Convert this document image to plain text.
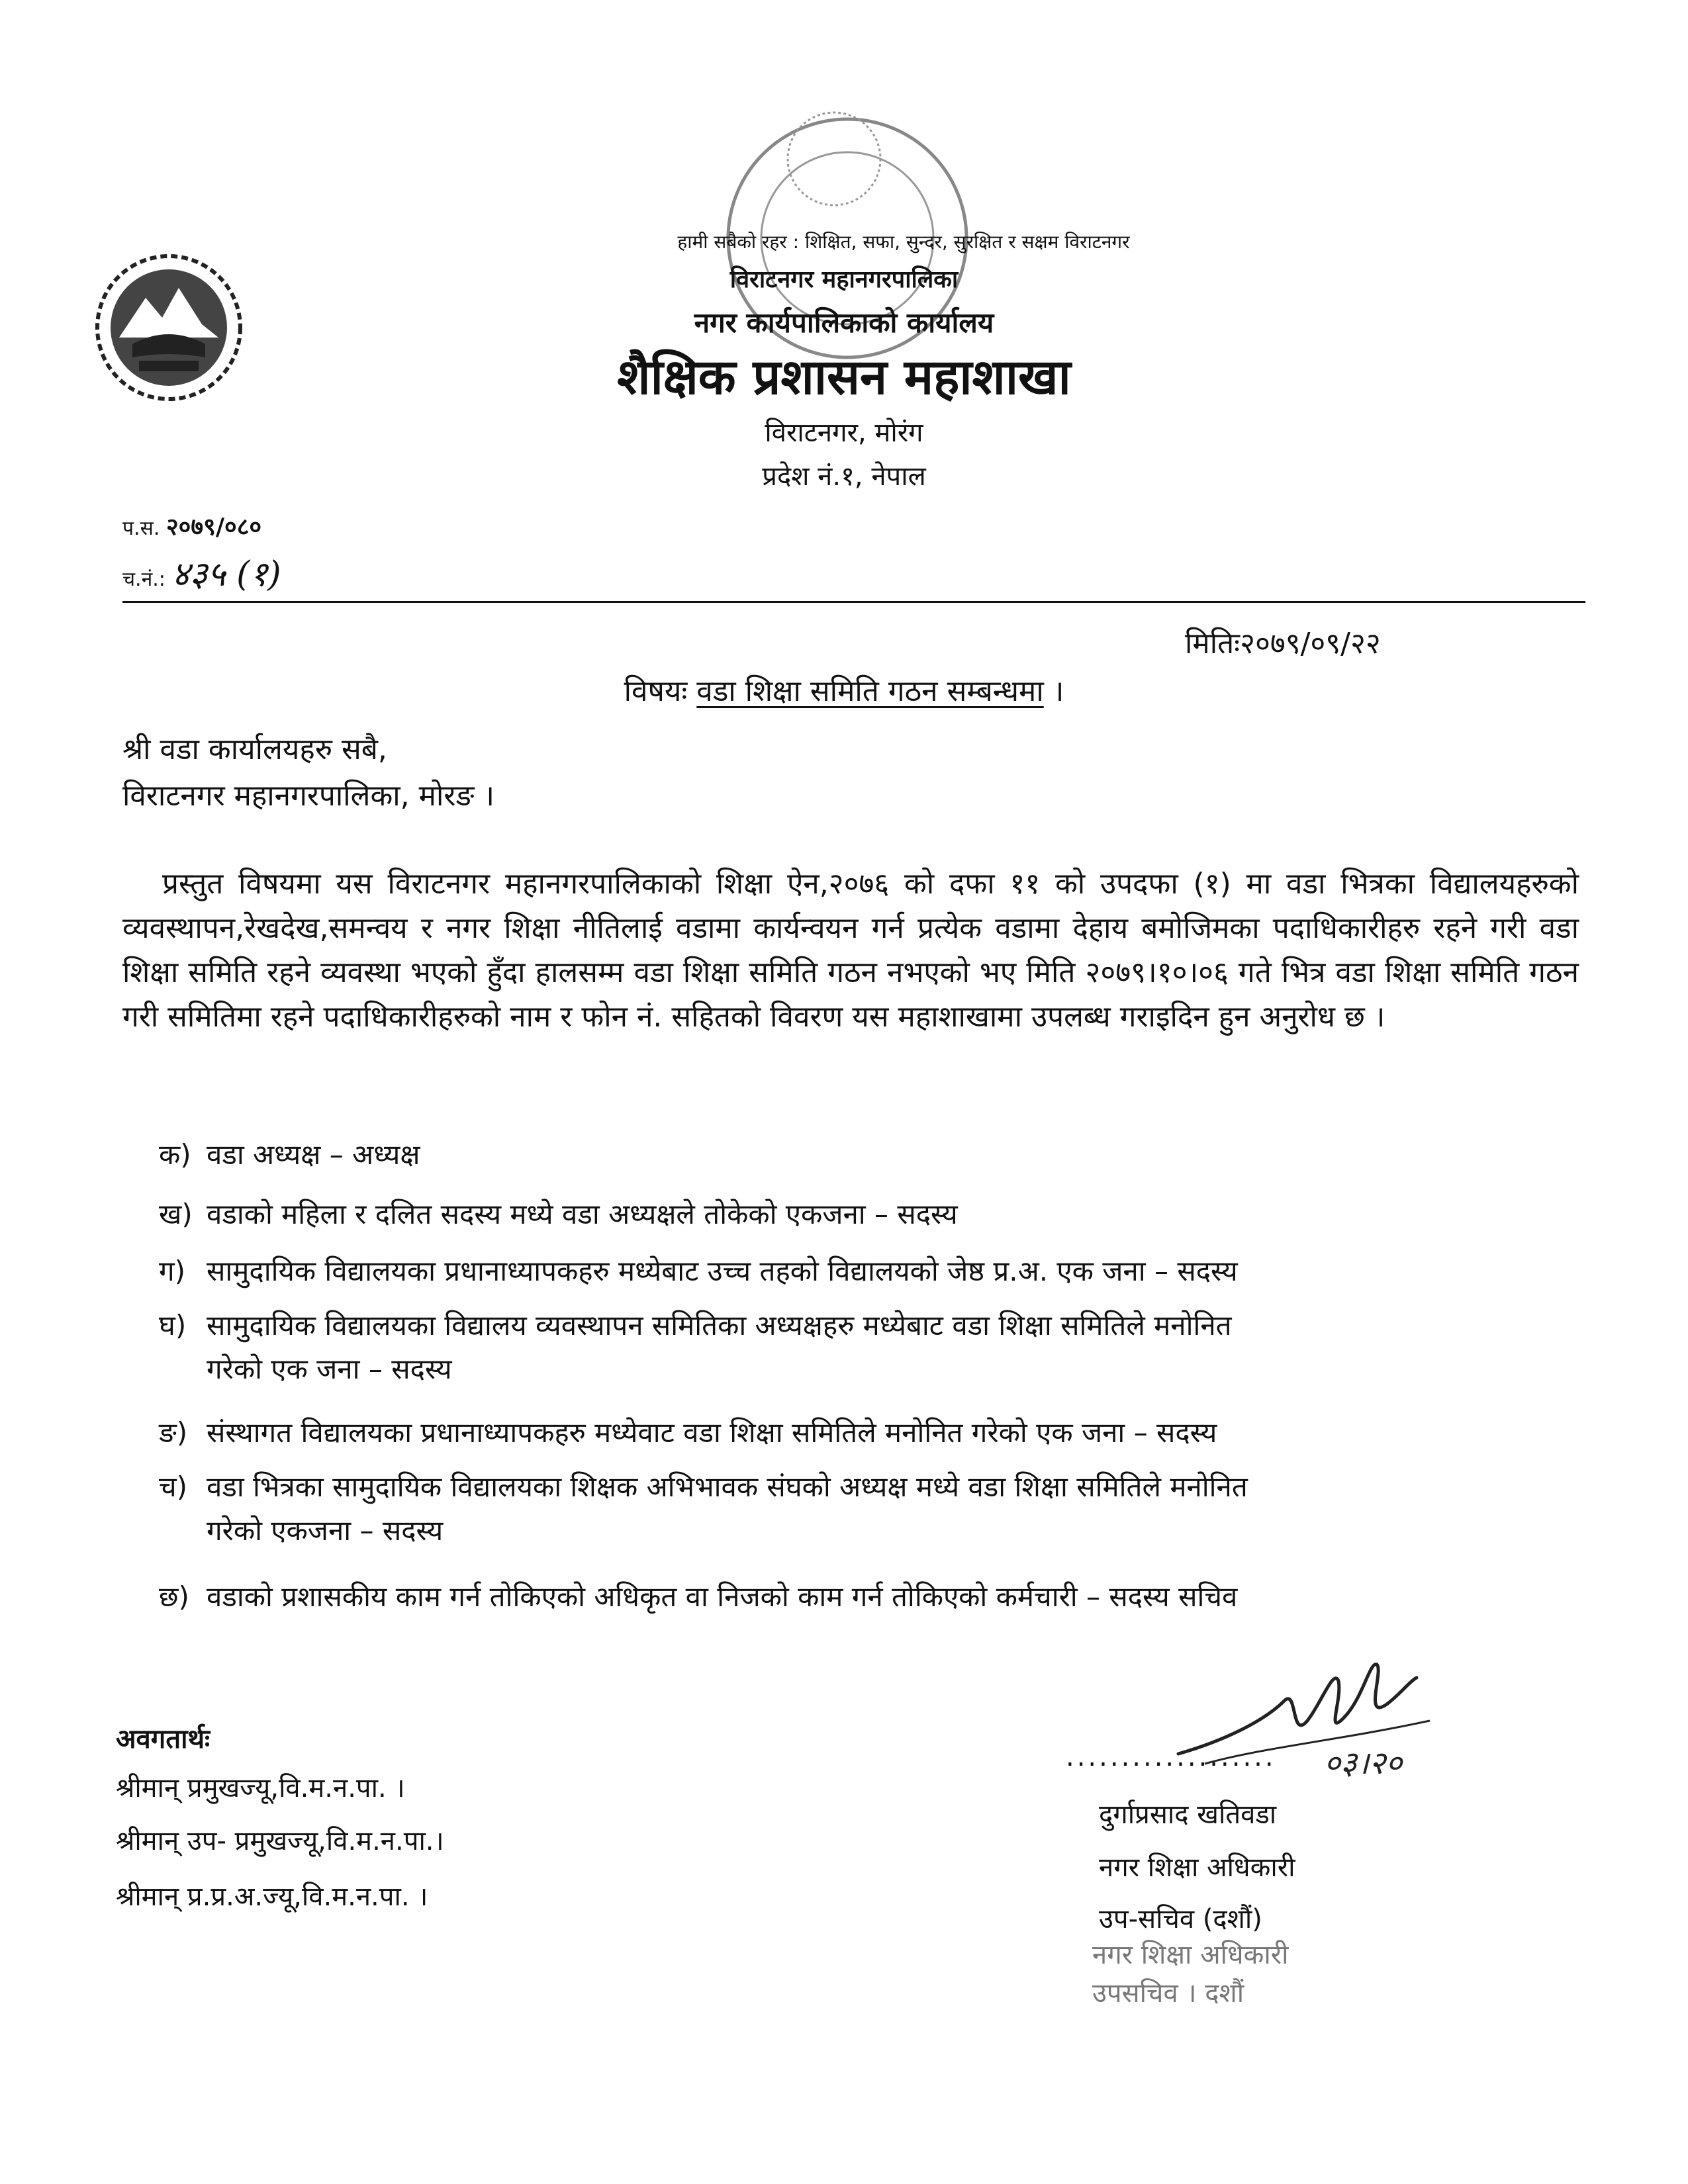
हामी सबैको रहर : शिक्षित, सफा, सुन्दर, सुरक्षित र सक्षम विराटनगर
विराटनगर महानगरपालिका
नगर कार्यपालिकाको कार्यालय
शैक्षिक प्रशासन महाशाखा
विराटनगर, मोरंग
प्रदेश नं.१, नेपाल
प.स. २०७९/०८०
च.नं.: ४३५ (१)
मितिः२०७९/०९/२२
विषयः वडा शिक्षा समिति गठन सम्बन्धमा ।
श्री वडा कार्यालयहरु सबै,
विराटनगर महानगरपालिका, मोरङ ।
प्रस्तुत विषयमा यस विराटनगर महानगरपालिकाको शिक्षा ऐन,२०७६ को दफा ११ को उपदफा (१) मा वडा भित्रका विद्यालयहरुको व्यवस्थापन,रेखदेख,समन्वय र नगर शिक्षा नीतिलाई वडामा कार्यन्वयन गर्न प्रत्येक वडामा देहाय बमोजिमका पदाधिकारीहरु रहने गरी वडा शिक्षा समिति रहने व्यवस्था भएको हुँदा हालसम्म वडा शिक्षा समिति गठन नभएको भए मिति २०७९।१०।०६ गते भित्र वडा शिक्षा समिति गठन गरी समितिमा रहने पदाधिकारीहरुको नाम र फोन नं. सहितको विवरण यस महाशाखामा उपलब्ध गराइदिन हुन अनुरोध छ ।
क) वडा अध्यक्ष – अध्यक्ष
ख) वडाको महिला र दलित सदस्य मध्ये वडा अध्यक्षले तोकेको एकजना – सदस्य
ग) सामुदायिक विद्यालयका प्रधानाध्यापकहरु मध्येबाट उच्च तहको विद्यालयको जेष्ठ प्र.अ. एक जना – सदस्य
घ) सामुदायिक विद्यालयका विद्यालय व्यवस्थापन समितिका अध्यक्षहरु मध्येबाट वडा शिक्षा समितिले मनोनित
गरेको एक जना – सदस्य
ङ) संस्थागत विद्यालयका प्रधानाध्यापकहरु मध्येवाट वडा शिक्षा समितिले मनोनित गरेको एक जना – सदस्य
च) वडा भित्रका सामुदायिक विद्यालयका शिक्षक अभिभावक संघको अध्यक्ष मध्ये वडा शिक्षा समितिले मनोनित
गरेको एकजना – सदस्य
छ) वडाको प्रशासकीय काम गर्न तोकिएको अधिकृत वा निजको काम गर्न तोकिएको कर्मचारी – सदस्य सचिव
अवगतार्थः
श्रीमान् प्रमुखज्यू,वि.म.न.पा. ।
श्रीमान् उप- प्रमुखज्यू,वि.म.न.पा.।
श्रीमान् प्र.प्र.अ.ज्यू,वि.म.न.पा. ।
................... ०३।२०
दुर्गाप्रसाद खतिवडा
नगर शिक्षा अधिकारी
उप-सचिव (दशौं)
नगर शिक्षा अधिकारी
उपसचिव । दशौं
